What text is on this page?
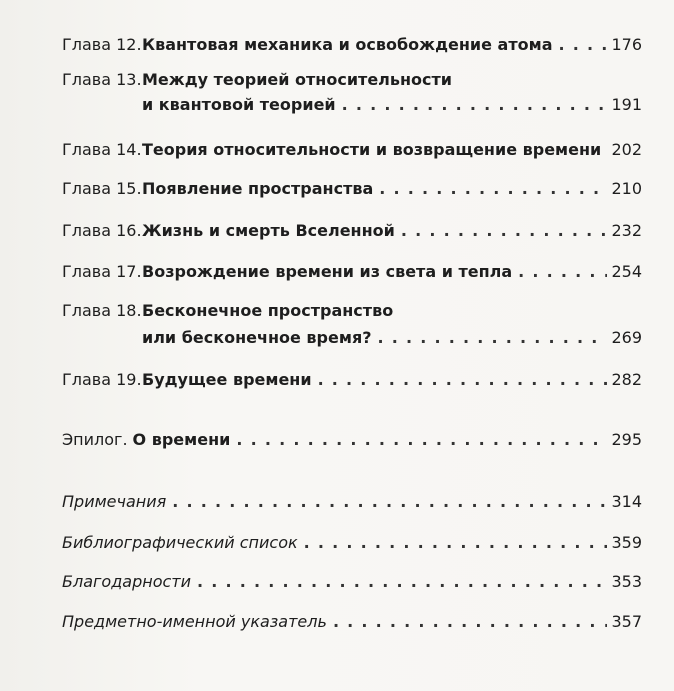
Глава 12. Квантовая механика и освобождение атома . . .	176
Глава 13. Между теорией относительности
и квантовой теорией . . .	191
Глава 14. Теория относительности и возвращение времени . . . 202
Глава 15. Появление пространства . . .	210
Глава 16. Жизнь и смерть Вселенной . . .	232
Глава 17. Возрождение времени из света и тепла . . .	254
Глава 18. Бесконечное пространство
или бесконечное время? . . .	269
Глава 19. Будущее времени . . .	282
Эпилог. О времени . . .	295
Примечания . . .	314
Библиографический список . . .	359
Благодарности . . .	353
Предметно-именной указатель . . .	357
